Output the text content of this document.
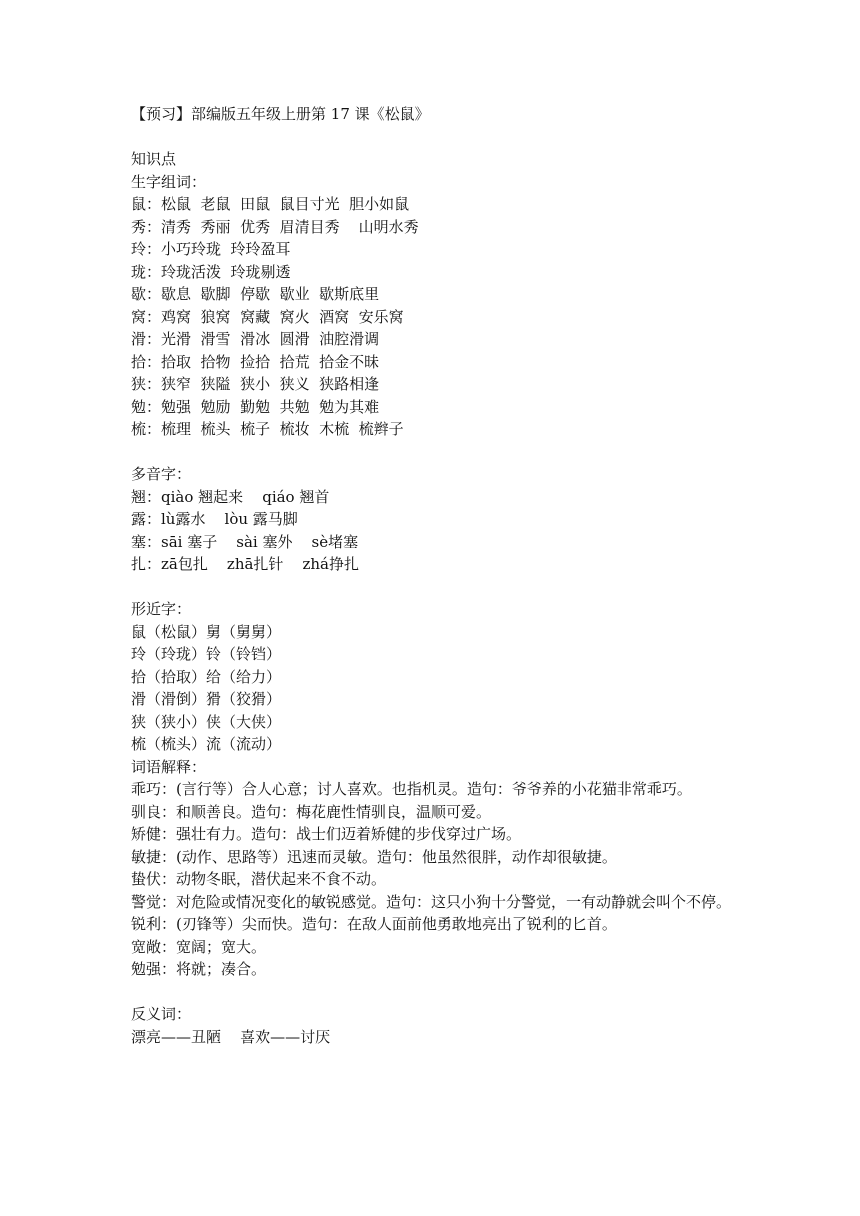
【预习】部编版五年级上册第 17 课《松鼠》
知识点
生字组词：
鼠：松鼠  老鼠  田鼠  鼠目寸光  胆小如鼠
秀：清秀  秀丽  优秀  眉清目秀    山明水秀
玲：小巧玲珑  玲玲盈耳
珑：玲珑活泼  玲珑剔透
歇：歇息  歇脚  停歇  歇业  歇斯底里
窝：鸡窝  狼窝  窝藏  窝火  酒窝  安乐窝
滑：光滑  滑雪  滑冰  圆滑  油腔滑调
拾：拾取  拾物  捡拾  拾荒  拾金不昧
狭：狭窄  狭隘  狭小  狭义  狭路相逢
勉：勉强  勉励  勤勉  共勉  勉为其难
梳：梳理  梳头  梳子  梳妆  木梳  梳辫子
多音字：
翘：qiào 翘起来    qiáo 翘首
露：lù露水    lòu 露马脚
塞：sāi 塞子    sài 塞外    sè堵塞
扎：zā包扎    zhā扎针    zhá挣扎
形近字：
鼠（松鼠）舅（舅舅）
玲（玲珑）铃（铃铛）
拾（拾取）给（给力）
滑（滑倒）猾（狡猾）
狭（狭小）侠（大侠）
梳（梳头）流（流动）
词语解释：
乖巧：(言行等）合人心意；讨人喜欢。也指机灵。造句：爷爷养的小花猫非常乖巧。
驯良：和顺善良。造句：梅花鹿性情驯良，温顺可爱。
矫健：强壮有力。造句：战士们迈着矫健的步伐穿过广场。
敏捷：(动作、思路等）迅速而灵敏。造句：他虽然很胖，动作却很敏捷。
蛰伏：动物冬眠，潜伏起来不食不动。
警觉：对危险或情况变化的敏锐感觉。造句：这只小狗十分警觉，一有动静就会叫个不停。
锐利：(刃锋等）尖而快。造句：在敌人面前他勇敢地亮出了锐利的匕首。
宽敞：宽阔；宽大。
勉强：将就；凑合。
反义词：
漂亮——丑陋    喜欢——讨厌
